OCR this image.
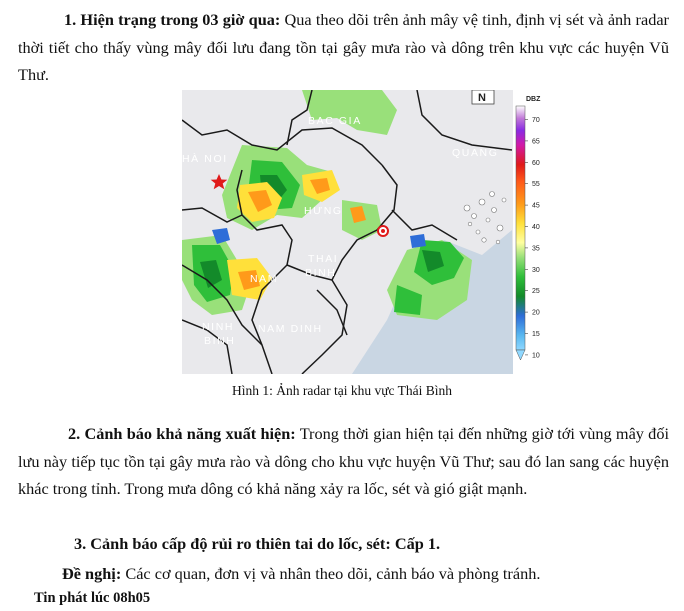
1. Hiện trạng trong 03 giờ qua: Qua theo dõi trên ảnh mây vệ tinh, định vị sét và ảnh radar thời tiết cho thấy vùng mây đối lưu đang tồn tại gây mưa rào và dông trên khu vực các huyện Vũ Thư.

BAC GIA
QUANG
HÀ NOI
HƯNG
THAI
BINH
NAM
NINH
BINH
NAM DINH
N	DBZ
70
65
60
55
45
40
35
30
25
20
15
10
Hình 1: Ảnh radar tại khu vực Thái Bình

2. Cảnh báo khả năng xuất hiện: Trong thời gian hiện tại đến những giờ tới vùng mây đối lưu này tiếp tục tồn tại gây mưa rào và dông cho khu vực huyện Vũ Thư; sau đó lan sang các huyện khác trong tỉnh. Trong mưa dông có khả năng xảy ra lốc, sét và gió giật mạnh.

3. Cảnh báo cấp độ rủi ro thiên tai do lốc, sét: Cấp 1.

Đề nghị: Các cơ quan, đơn vị và nhân theo dõi, cảnh báo và phòng tránh.
Tin phát lúc 08h05
